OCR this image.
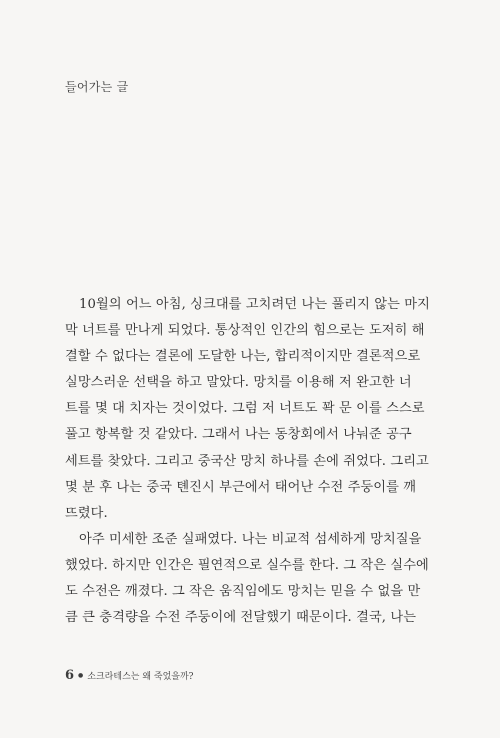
들어가는 글

10월의 어느 아침, 싱크대를 고치려던 나는 풀리지 않는 마지
막 너트를 만나게 되었다. 통상적인 인간의 힘으로는 도저히 해
결할 수 없다는 결론에 도달한 나는, 합리적이지만 결론적으로
실망스러운 선택을 하고 말았다. 망치를 이용해 저 완고한 너
트를 몇 대 치자는 것이었다. 그럼 저 너트도 꽉 문 이를 스스로
풀고 항복할 것 같았다. 그래서 나는 동창회에서 나눠준 공구
세트를 찾았다. 그리고 중국산 망치 하나를 손에 쥐었다. 그리고
몇 분 후 나는 중국 톈진시 부근에서 태어난 수전 주둥이를 깨
뜨렸다.

아주 미세한 조준 실패였다. 나는 비교적 섬세하게 망치질을
했었다. 하지만 인간은 필연적으로 실수를 한다. 그 작은 실수에
도 수전은 깨졌다. 그 작은 움직임에도 망치는 믿을 수 없을 만
큼 큰 충격량을 수전 주둥이에 전달했기 때문이다. 결국, 나는

6 ● 소크라테스는 왜 죽었을까?
